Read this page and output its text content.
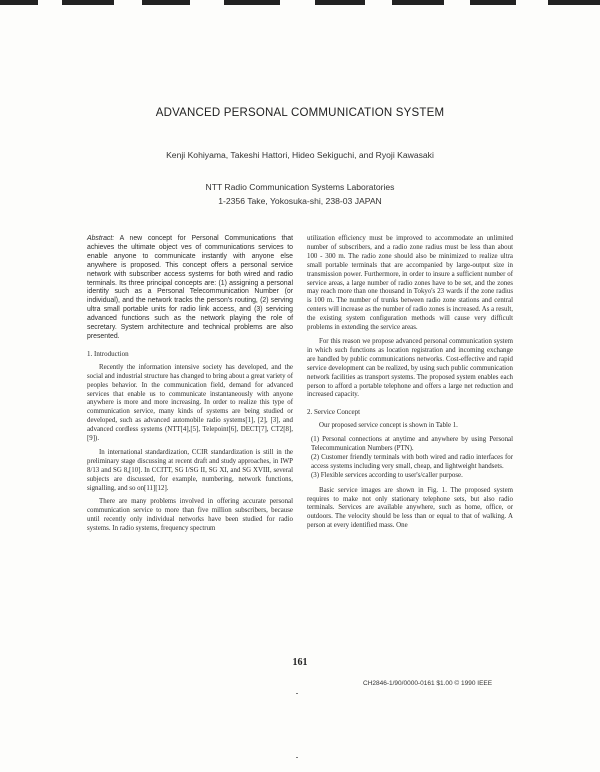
ADVANCED PERSONAL COMMUNICATION SYSTEM
Kenji Kohiyama, Takeshi Hattori, Hideo Sekiguchi, and Ryoji Kawasaki
NTT Radio Communication Systems Laboratories
1-2356 Take, Yokosuka-shi, 238-03 JAPAN

Abstract: A new concept for Personal Communications that achieves the ultimate object ves of communications services to enable anyone to communicate instantly with anyone else anywhere is proposed. This concept offers a personal service network with subscriber access systems for both wired and radio terminals. Its three principal concepts are: (1) assigning a personal identity such as a Personal Telecommunication Number (or individual), and the network tracks the person's routing, (2) serving ultra small portable units for radio link access, and (3) servicing advanced functions such as the network playing the role of secretary. System architecture and technical problems are also presented.

1. Introduction

Recently the information intensive society has developed, and the social and industrial structure has changed to bring about a great variety of peoples behavior. In the communication field, demand for advanced services that enable us to communicate instantaneously with anyone anywhere is more and more increasing. In order to realize this type of communication service, many kinds of systems are being studied or developed, such as advanced automobile radio systems[1], [2], [3], and advanced cordless systems (NTT[4],[5], Telepoint[6], DECT[7], CT2[8],[9]).

In international standardization, CCIR standardization is still in the preliminary stage discussing at recent draft and study approaches, in IWP 8/13 and SG 8,[10]. In CCITT, SG I/SG II, SG XI, and SG XVIII, several subjects are discussed, for example, numbering, network functions, signalling, and so on[11][12].

There are many problems involved in offering accurate personal communication service to more than five million subscribers, because until recently only individual networks have been studied for radio systems. In radio systems, frequency spectrum

utilization efficiency must be improved to accommodate an unlimited number of subscribers, and a radio zone radius must be less than about 100 - 300 m. The radio zone should also be minimized to realize ultra small portable terminals that are accompanied by large-output size in transmission power. Furthermore, in order to insure a sufficient number of service areas, a large number of radio zones have to be set, and the zones may reach more than one thousand in Tokyo's 23 wards if the zone radius is 100 m. The number of trunks between radio zone stations and central centers will increase as the number of radio zones is increased. As a result, the existing system configuration methods will cause very difficult problems in extending the service areas.

For this reason we propose advanced personal communication system in which such functions as location registration and incoming exchange are handled by public communications networks. Cost-effective and rapid service development can be realized, by using such public communication network facilities as transport systems. The proposed system enables each person to afford a portable telephone and offers a large net reduction and increased capacity.

2. Service Concept

Our proposed service concept is shown in Table 1.

(1) Personal connections at anytime and anywhere by using Personal Telecommunication Numbers (PTN).
(2) Customer friendly terminals with both wired and radio interfaces for access systems including very small, cheap, and lightweight handsets.
(3) Flexible services according to user's/caller purpose.

Basic service images are shown in Fig. 1. The proposed system requires to make not only stationary telephone sets, but also radio terminals. Services are available anywhere, such as home, office, or outdoors. The velocity should be less than or equal to that of walking. A person at every identified mass. One

161
CH2846-1/90/0000-0161 $1.00 © 1990 IEEE
